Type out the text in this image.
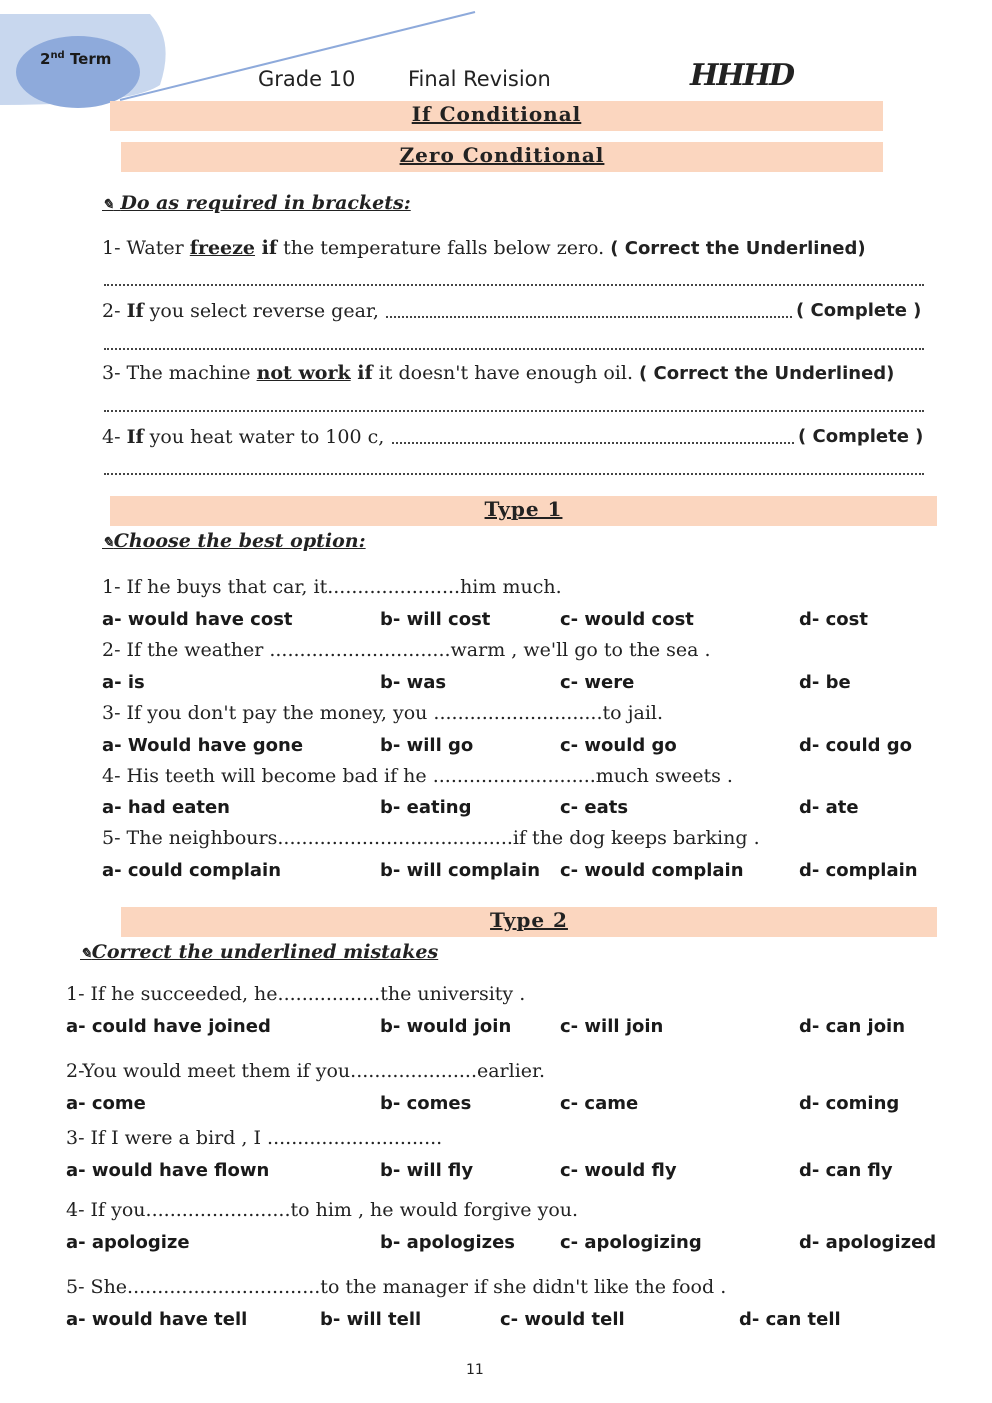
2nd Term
Grade 10	Final Revision	HHHD
If Conditional
Zero Conditional
✎ Do as required in brackets:
1- Water freeze if the temperature falls below zero. ( Correct the Underlined)
2- If you select reverse gear,	( Complete )
3- The machine not work if it doesn't have enough oil. ( Correct the Underlined)
4- If you heat water to 100 c,	( Complete )
Type 1
✎Choose the best option:
1- If he buys that car, it......................him much.
a- would have cost	b- will cost	c- would cost	d- cost
2- If the weather ..............................warm , we'll go to the sea .
a- is	b- was	c- were	d- be
3- If you don't pay the money, you ............................to jail.
a- Would have gone	b- will go	c- would go	d- could go
4- His teeth will become bad if he ...........................much sweets .
a- had eaten	b- eating	c- eats	d- ate
5- The neighbours.......................................if the dog keeps barking .
a- could complain	b- will complain c- would complain	d- complain
Type 2
✎Correct the underlined mistakes
1- If he succeeded, he.................the university .
a- could have joined	b- would join	c- will join	d- can join
2-You would meet them if you.....................earlier.
a- come	b- comes	c- came	d- coming
3- If I were a bird , I .............................
a- would have flown	b- will fly	c- would fly	d- can fly
4- If you........................to him , he would forgive you.
a- apologize	b- apologizes c- apologizing	d- apologized
5- She................................to the manager if she didn't like the food .
a- would have tell	b- will tell	c- would tell	d- can tell
11
